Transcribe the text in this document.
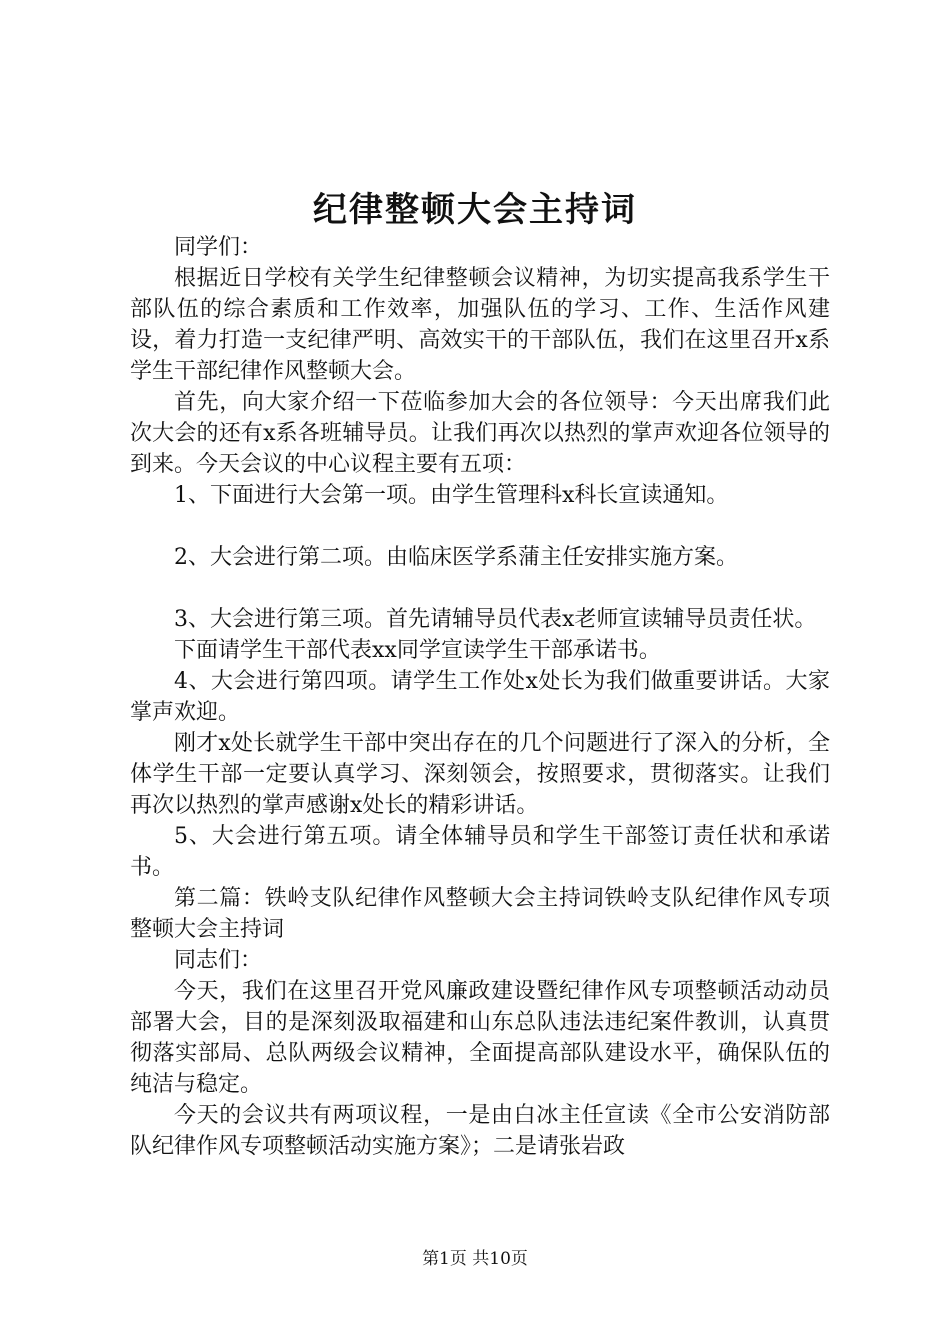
纪律整顿大会主持词

同学们：

根据近日学校有关学生纪律整顿会议精神，为切实提高我系学生干部队伍的综合素质和工作效率，加强队伍的学习、工作、生活作风建设，着力打造一支纪律严明、高效实干的干部队伍，我们在这里召开x系学生干部纪律作风整顿大会。

首先，向大家介绍一下莅临参加大会的各位领导：今天出席我们此次大会的还有x系各班辅导员。让我们再次以热烈的掌声欢迎各位领导的到来。今天会议的中心议程主要有五项：

1、下面进行大会第一项。由学生管理科x科长宣读通知。

2、大会进行第二项。由临床医学系蒲主任安排实施方案。

3、大会进行第三项。首先请辅导员代表x老师宣读辅导员责任状。

下面请学生干部代表xx同学宣读学生干部承诺书。

4、大会进行第四项。请学生工作处x处长为我们做重要讲话。大家掌声欢迎。

刚才x处长就学生干部中突出存在的几个问题进行了深入的分析，全体学生干部一定要认真学习、深刻领会，按照要求，贯彻落实。让我们再次以热烈的掌声感谢x处长的精彩讲话。

5、大会进行第五项。请全体辅导员和学生干部签订责任状和承诺书。

第二篇：铁岭支队纪律作风整顿大会主持词铁岭支队纪律作风专项整顿大会主持词

同志们：

今天，我们在这里召开党风廉政建设暨纪律作风专项整顿活动动员部署大会，目的是深刻汲取福建和山东总队违法违纪案件教训，认真贯彻落实部局、总队两级会议精神，全面提高部队建设水平，确保队伍的纯洁与稳定。

今天的会议共有两项议程，一是由白冰主任宣读《全市公安消防部队纪律作风专项整顿活动实施方案》；二是请张岩政

第1页 共10页
